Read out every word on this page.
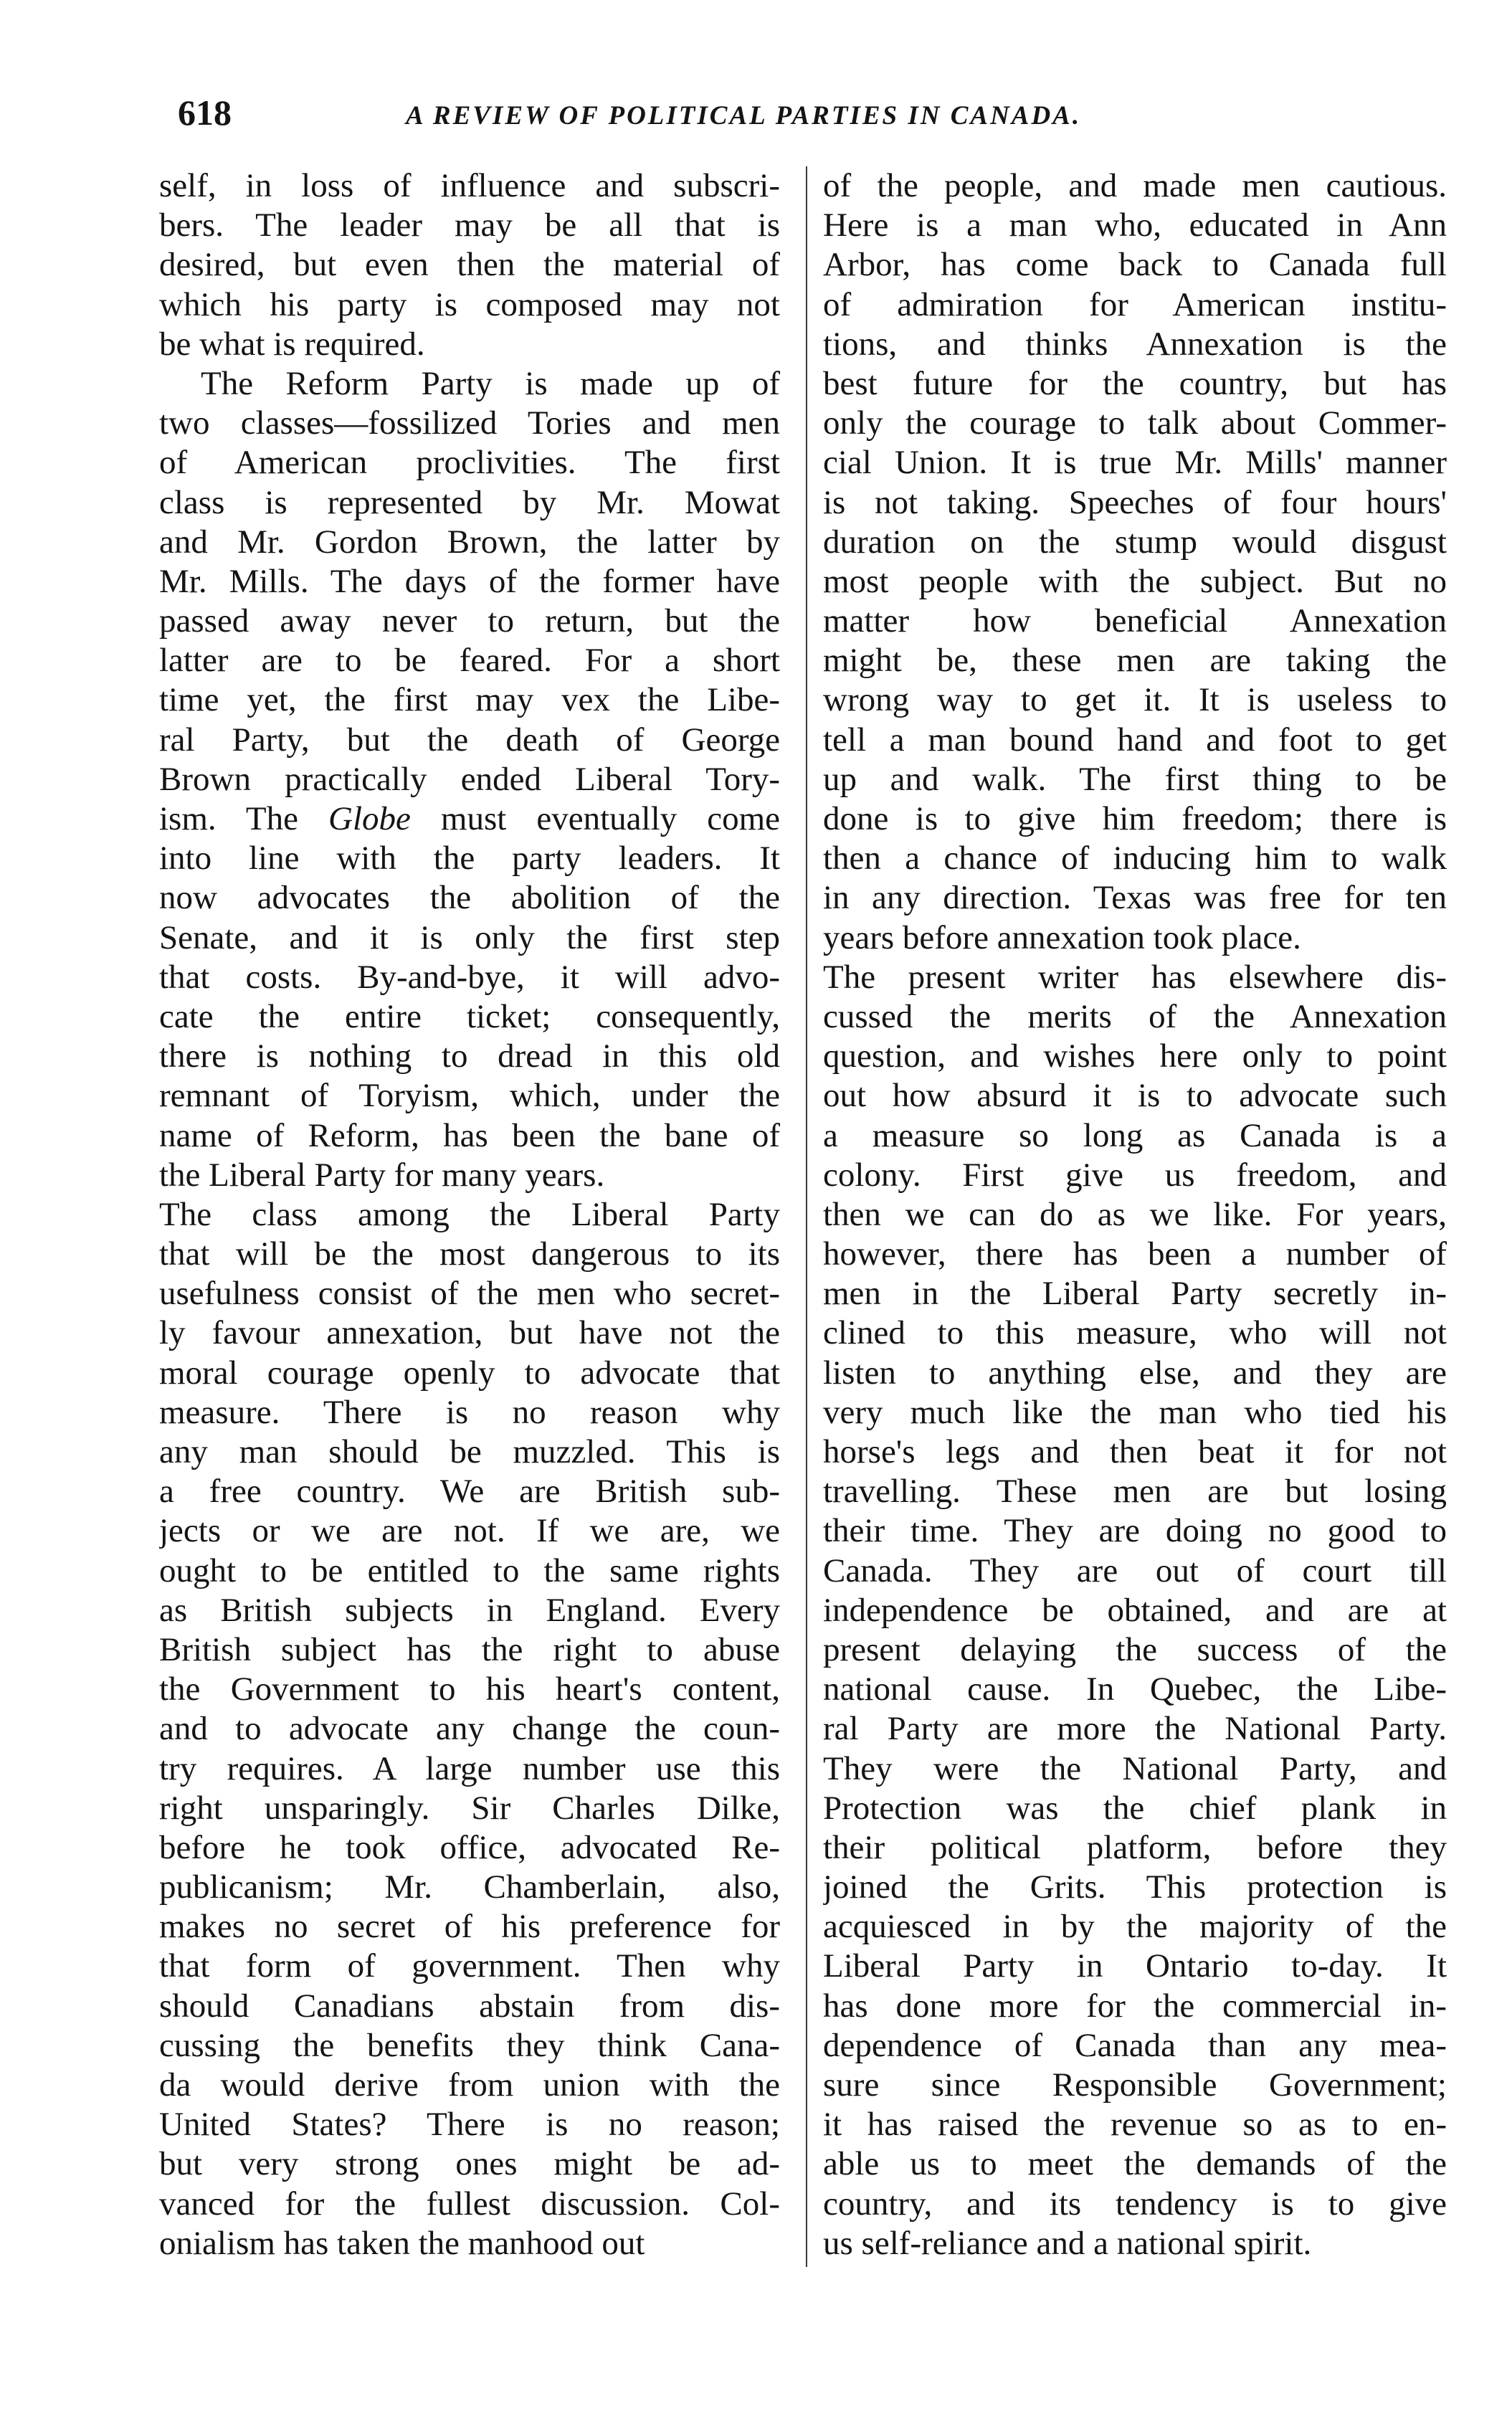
618	A REVIEW OF POLITICAL PARTIES IN CANADA.
self, in loss of influence and subscri-
bers. The leader may be all that is
desired, but even then the material of
which his party is composed may not
be what is required.
The Reform Party is made up of
two classes—fossilized Tories and men
of American proclivities. The first
class is represented by Mr. Mowat
and Mr. Gordon Brown, the latter by
Mr. Mills. The days of the former have
passed away never to return, but the
latter are to be feared. For a short
time yet, the first may vex the Libe-
ral Party, but the death of George
Brown practically ended Liberal Tory-
ism. The Globe must eventually come
into line with the party leaders. It
now advocates the abolition of the
Senate, and it is only the first step
that costs. By-and-bye, it will advo-
cate the entire ticket; consequently,
there is nothing to dread in this old
remnant of Toryism, which, under the
name of Reform, has been the bane of
the Liberal Party for many years.
The class among the Liberal Party
that will be the most dangerous to its
usefulness consist of the men who secret-
ly favour annexation, but have not the
moral courage openly to advocate that
measure. There is no reason why
any man should be muzzled. This is
a free country. We are British sub-
jects or we are not. If we are, we
ought to be entitled to the same rights
as British subjects in England. Every
British subject has the right to abuse
the Government to his heart's content,
and to advocate any change the coun-
try requires. A large number use this
right unsparingly. Sir Charles Dilke,
before he took office, advocated Re-
publicanism; Mr. Chamberlain, also,
makes no secret of his preference for
that form of government. Then why
should Canadians abstain from dis-
cussing the benefits they think Cana-
da would derive from union with the
United States? There is no reason;
but very strong ones might be ad-
vanced for the fullest discussion. Col-
onialism has taken the manhood out
of the people, and made men cautious.
Here is a man who, educated in Ann
Arbor, has come back to Canada full
of admiration for American institu-
tions, and thinks Annexation is the
best future for the country, but has
only the courage to talk about Commer-
cial Union. It is true Mr. Mills' manner
is not taking. Speeches of four hours'
duration on the stump would disgust
most people with the subject. But no
matter how beneficial Annexation
might be, these men are taking the
wrong way to get it. It is useless to
tell a man bound hand and foot to get
up and walk. The first thing to be
done is to give him freedom; there is
then a chance of inducing him to walk
in any direction. Texas was free for ten
years before annexation took place.
The present writer has elsewhere dis-
cussed the merits of the Annexation
question, and wishes here only to point
out how absurd it is to advocate such
a measure so long as Canada is a
colony. First give us freedom, and
then we can do as we like. For years,
however, there has been a number of
men in the Liberal Party secretly in-
clined to this measure, who will not
listen to anything else, and they are
very much like the man who tied his
horse's legs and then beat it for not
travelling. These men are but losing
their time. They are doing no good to
Canada. They are out of court till
independence be obtained, and are at
present delaying the success of the
national cause. In Quebec, the Libe-
ral Party are more the National Party.
They were the National Party, and
Protection was the chief plank in
their political platform, before they
joined the Grits. This protection is
acquiesced in by the majority of the
Liberal Party in Ontario to-day. It
has done more for the commercial in-
dependence of Canada than any mea-
sure since Responsible Government;
it has raised the revenue so as to en-
able us to meet the demands of the
country, and its tendency is to give
us self-reliance and a national spirit.
